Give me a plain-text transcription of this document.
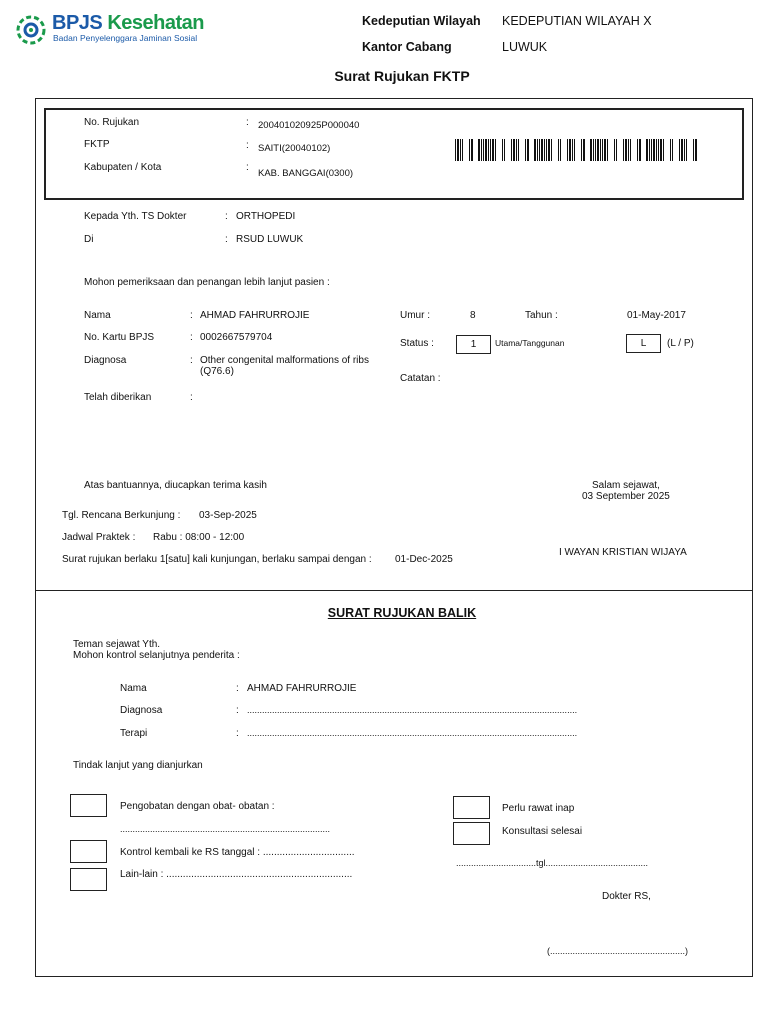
BPJS Kesehatan
Badan Penyelenggara Jaminan Sosial
Kedeputian Wilayah KEDEPUTIAN WILAYAH X
Kantor Cabang	LUWUK
Surat Rujukan FKTP
No. Rujukan	: 200401020925P000040
FKTP	: SAITI(20040102)
Kabupaten / Kota	:
KAB. BANGGAI(0300)
Kepada Yth. TS Dokter	: ORTHOPEDI
Di	: RSUD LUWUK
Mohon pemeriksaan dan penangan lebih lanjut pasien :
Nama	: AHMAD FAHRURROJIE
No. Kartu BPJS	: 0002667579704
Diagnosa	: Other congenital malformations of ribs
(Q76.6)
Telah diberikan	:
Umur :	8	Tahun :	01-May-2017
Status :	1	Utama/Tanggunan	L	(L / P)
Catatan :
Atas bantuannya, diucapkan terima kasih	Salam sejawat,
03 September 2025
Tgl. Rencana Berkunjung : 03-Sep-2025
Jadwal Praktek : Rabu : 08:00 - 12:00
Surat rujukan berlaku 1[satu] kali kunjungan, berlaku sampai dengan : 01-Dec-2025
I WAYAN KRISTIAN WIJAYA
SURAT RUJUKAN BALIK
Teman sejawat Yth.
Mohon kontrol selanjutnya penderita :
Nama	: AHMAD FAHRURROJIE
Diagnosa	: ....................................................................................................................................
Terapi	: ....................................................................................................................................
Tindak lanjut yang dianjurkan
Pengobatan dengan obat- obatan :
....................................................................................
Kontrol kembali ke RS tanggal : .................................
Lain-lain : ...................................................................
Perlu rawat inap
Konsultasi selesai
................................tgl.........................................
Dokter RS,
(......................................................)
